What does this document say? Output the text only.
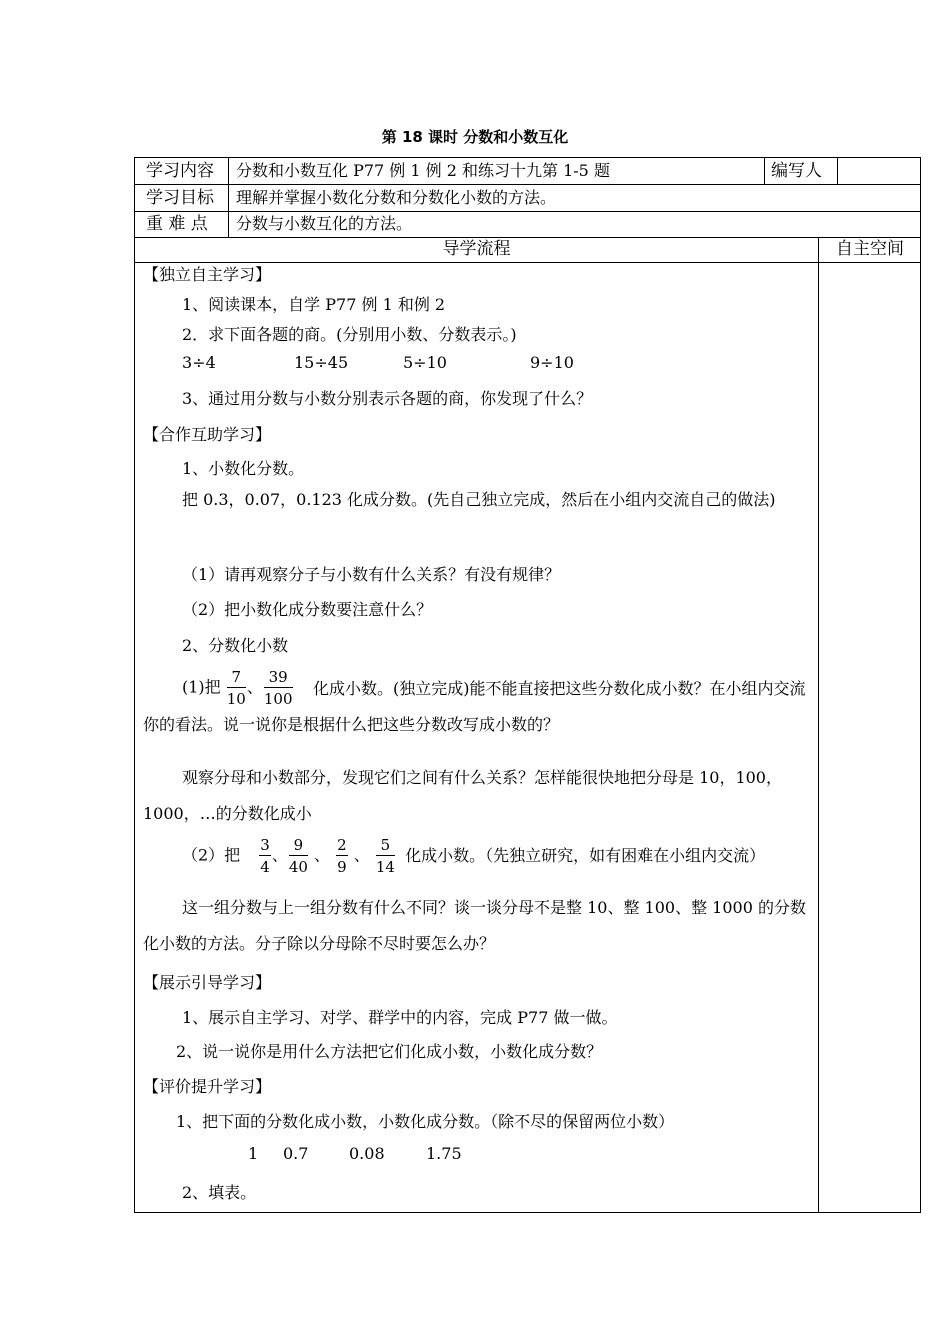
第 18 课时 分数和小数互化
学习内容 分数和小数互化 P77 例 1 例 2 和练习十九第 1-5 题	编写人
学习目标 理解并掌握小数化分数和分数化小数的方法。
重 难 点 分数与小数互化的方法。
导学流程	自主空间
【独立自主学习】
1、阅读课本，自学 P77 例 1 和例 2
2．求下面各题的商。(分别用小数、分数表示。)
3÷4	15÷45	5÷10	9÷10
3、通过用分数与小数分别表示各题的商，你发现了什么？
【合作互助学习】
1、小数化分数。
把 0.3，0.07，0.123 化成分数。(先自己独立完成，然后在小组内交流自己的做法)
（1）请再观察分子与小数有什么关系？有没有规律？
（2）把小数化成分数要注意什么？
2、分数化小数
(1)把 $\frac{7}{10}$ 、 $\frac{39}{100}$	化成小数。(独立完成)能不能直接把这些分数化成小数？在小组内交流你的看法。说一说你是根据什么把这些分数改写成小数的？
观察分母和小数部分，发现它们之间有什么关系？怎样能很快地把分母是 10，100，1000，…的分数化成小
（2）把 $\frac{3}{4}$ 、 $\frac{9}{40}$ 、 $\frac{2}{9}$ 、 $\frac{5}{14}$ 化成小数。（先独立研究，如有困难在小组内交流）
这一组分数与上一组分数有什么不同？谈一谈分母不是整 10、整 100、整 1000 的分数化小数的方法。分子除以分母除不尽时要怎么办？
【展示引导学习】
1、展示自主学习、对学、群学中的内容，完成 P77 做一做。
2、说一说你是用什么方法把它们化成小数，小数化成分数？
【评价提升学习】
1、把下面的分数化成小数，小数化成分数。（除不尽的保留两位小数）
1 0.7	0.08	1.75
2、填表。
